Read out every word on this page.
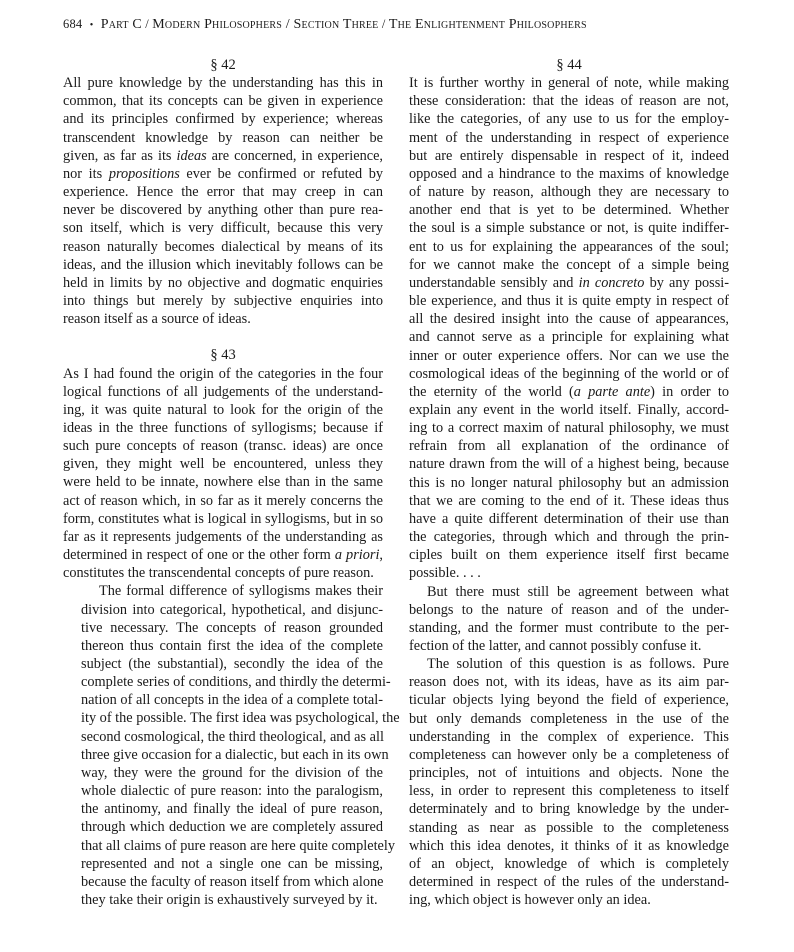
684 • Part C / Modern Philosophers / Section Three / The Enlightenment Philosophers
§ 42

All pure knowledge by the understanding has this in
common, that its concepts can be given in experience
and its principles confirmed by experience; whereas
transcendent knowledge by reason can neither be
given, as far as its ideas are concerned, in experience,
nor its propositions ever be confirmed or refuted by
experience. Hence the error that may creep in can
never be discovered by anything other than pure rea-
son itself, which is very difficult, because this very
reason naturally becomes dialectical by means of its
ideas, and the illusion which inevitably follows can be
held in limits by no objective and dogmatic enquiries
into things but merely by subjective enquiries into
reason itself as a source of ideas.

§ 43

As I had found the origin of the categories in the four
logical functions of all judgements of the understand-
ing, it was quite natural to look for the origin of the
ideas in the three functions of syllogisms; because if
such pure concepts of reason (transc. ideas) are once
given, they might well be encountered, unless they
were held to be innate, nowhere else than in the same
act of reason which, in so far as it merely concerns the
form, constitutes what is logical in syllogisms, but in so
far as it represents judgements of the understanding as
determined in respect of one or the other form a priori,
constitutes the transcendental concepts of pure reason.

The formal difference of syllogisms makes their
division into categorical, hypothetical, and disjunc-
tive necessary. The concepts of reason grounded
thereon thus contain first the idea of the complete
subject (the substantial), secondly the idea of the
complete series of conditions, and thirdly the determi-
nation of all concepts in the idea of a complete total-
ity of the possible. The first idea was psychological, the
second cosmological, the third theological, and as all
three give occasion for a dialectic, but each in its own
way, they were the ground for the division of the
whole dialectic of pure reason: into the paralogism,
the antinomy, and finally the ideal of pure reason,
through which deduction we are completely assured
that all claims of pure reason are here quite completely
represented and not a single one can be missing,
because the faculty of reason itself from which alone
they take their origin is exhaustively surveyed by it.

§ 44

It is further worthy in general of note, while making
these consideration: that the ideas of reason are not,
like the categories, of any use to us for the employ-
ment of the understanding in respect of experience
but are entirely dispensable in respect of it, indeed
opposed and a hindrance to the maxims of knowledge
of nature by reason, although they are necessary to
another end that is yet to be determined. Whether
the soul is a simple substance or not, is quite indiffer-
ent to us for explaining the appearances of the soul;
for we cannot make the concept of a simple being
understandable sensibly and in concreto by any possi-
ble experience, and thus it is quite empty in respect of
all the desired insight into the cause of appearances,
and cannot serve as a principle for explaining what
inner or outer experience offers. Nor can we use the
cosmological ideas of the beginning of the world or of
the eternity of the world (a parte ante) in order to
explain any event in the world itself. Finally, accord-
ing to a correct maxim of natural philosophy, we must
refrain from all explanation of the ordinance of
nature drawn from the will of a highest being, because
this is no longer natural philosophy but an admission
that we are coming to the end of it. These ideas thus
have a quite different determination of their use than
the categories, through which and through the prin-
ciples built on them experience itself first became
possible. . . .

But there must still be agreement between what
belongs to the nature of reason and of the under-
standing, and the former must contribute to the per-
fection of the latter, and cannot possibly confuse it.

The solution of this question is as follows. Pure
reason does not, with its ideas, have as its aim par-
ticular objects lying beyond the field of experience,
but only demands completeness in the use of the
understanding in the complex of experience. This
completeness can however only be a completeness of
principles, not of intuitions and objects. None the
less, in order to represent this completeness to itself
determinately and to bring knowledge by the under-
standing as near as possible to the completeness
which this idea denotes, it thinks of it as knowledge
of an object, knowledge of which is completely
determined in respect of the rules of the understand-
ing, which object is however only an idea.
